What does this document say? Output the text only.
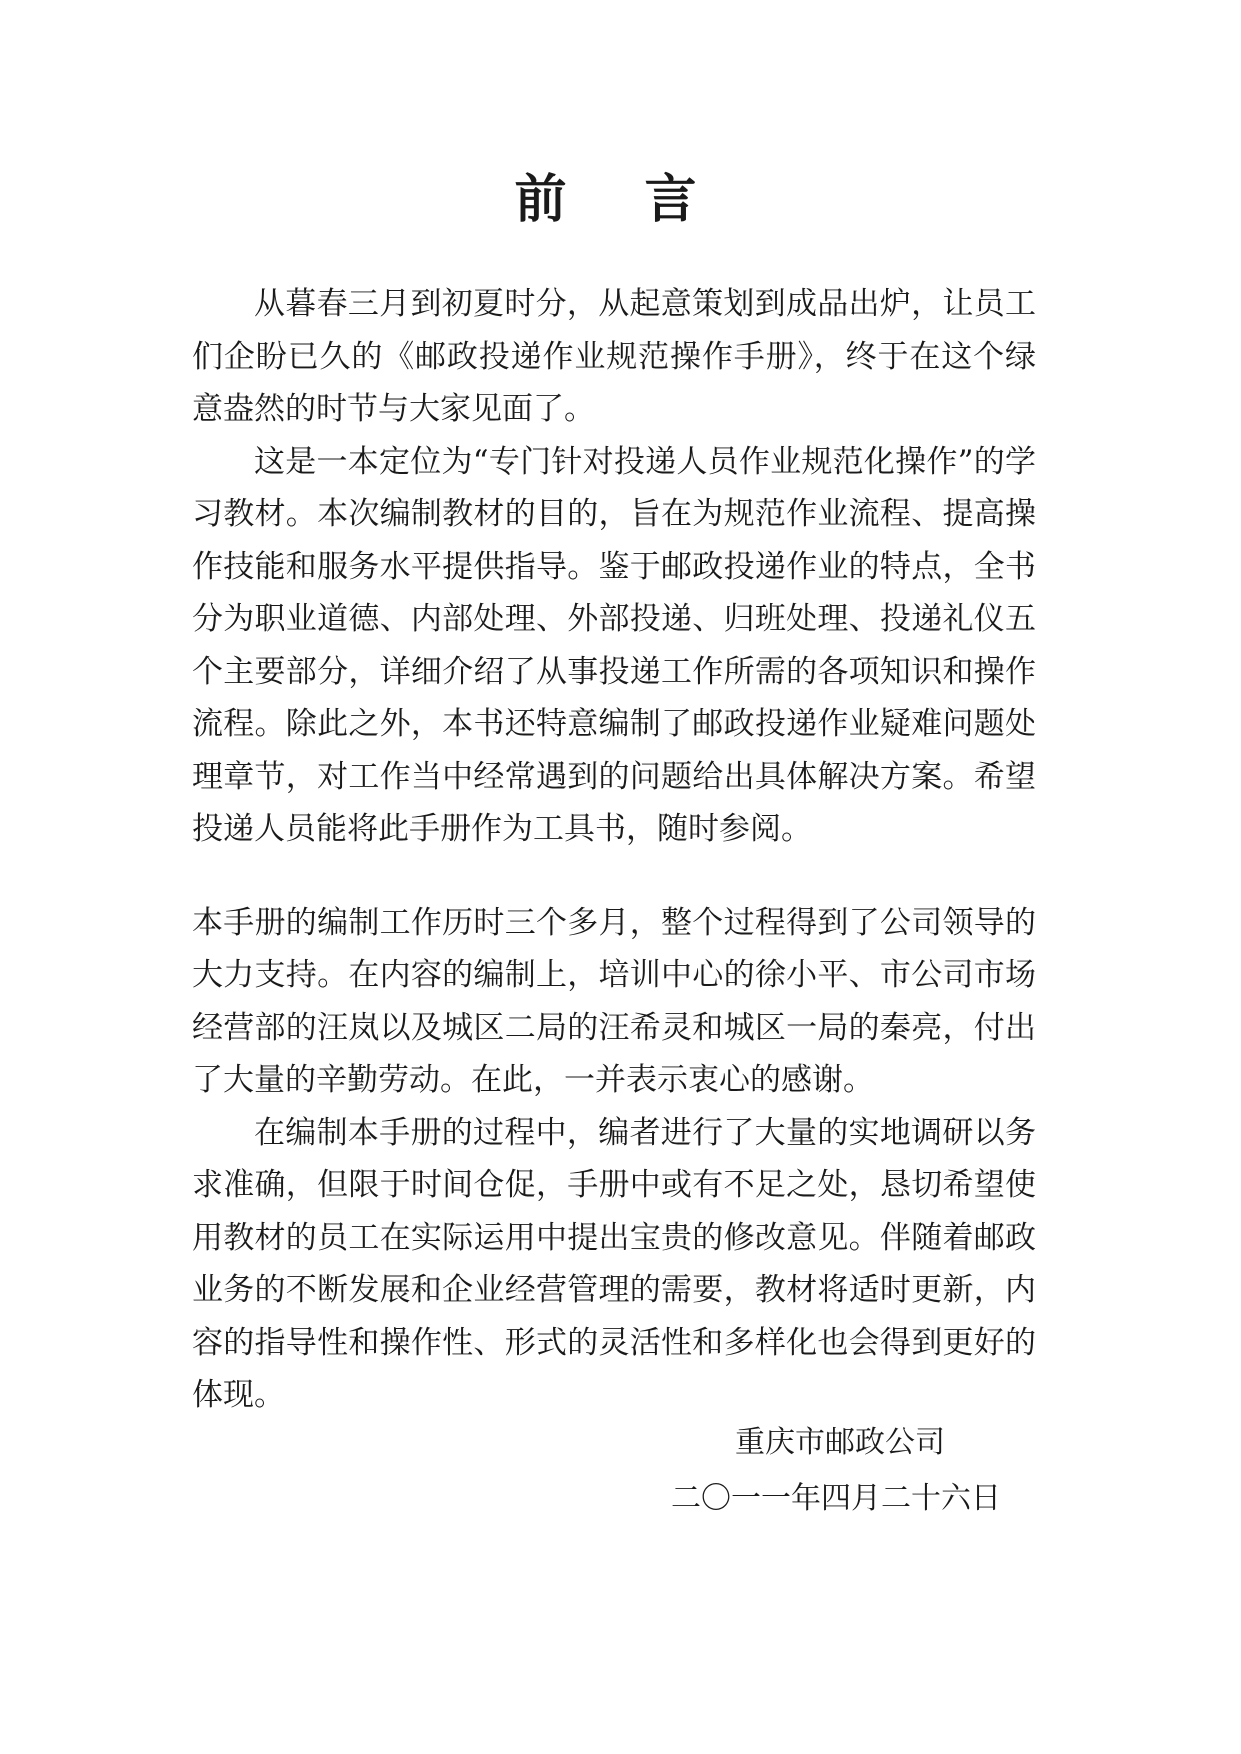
前 言

从暮春三月到初夏时分，从起意策划到成品出炉，让员工们企盼已久的《邮政投递作业规范操作手册》，终于在这个绿意盎然的时节与大家见面了。

这是一本定位为“专门针对投递人员作业规范化操作”的学习教材。本次编制教材的目的，旨在为规范作业流程、提高操作技能和服务水平提供指导。鉴于邮政投递作业的特点，全书分为职业道德、内部处理、外部投递、归班处理、投递礼仪五个主要部分，详细介绍了从事投递工作所需的各项知识和操作流程。除此之外，本书还特意编制了邮政投递作业疑难问题处理章节，对工作当中经常遇到的问题给出具体解决方案。希望投递人员能将此手册作为工具书，随时参阅。

本手册的编制工作历时三个多月，整个过程得到了公司领导的大力支持。在内容的编制上，培训中心的徐小平、市公司市场经营部的汪岚以及城区二局的汪希灵和城区一局的秦亮，付出了大量的辛勤劳动。在此，一并表示衷心的感谢。

在编制本手册的过程中，编者进行了大量的实地调研以务求准确，但限于时间仓促，手册中或有不足之处，恳切希望使用教材的员工在实际运用中提出宝贵的修改意见。伴随着邮政业务的不断发展和企业经营管理的需要，教材将适时更新，内容的指导性和操作性、形式的灵活性和多样化也会得到更好的体现。

重庆市邮政公司

二〇一一年四月二十六日
